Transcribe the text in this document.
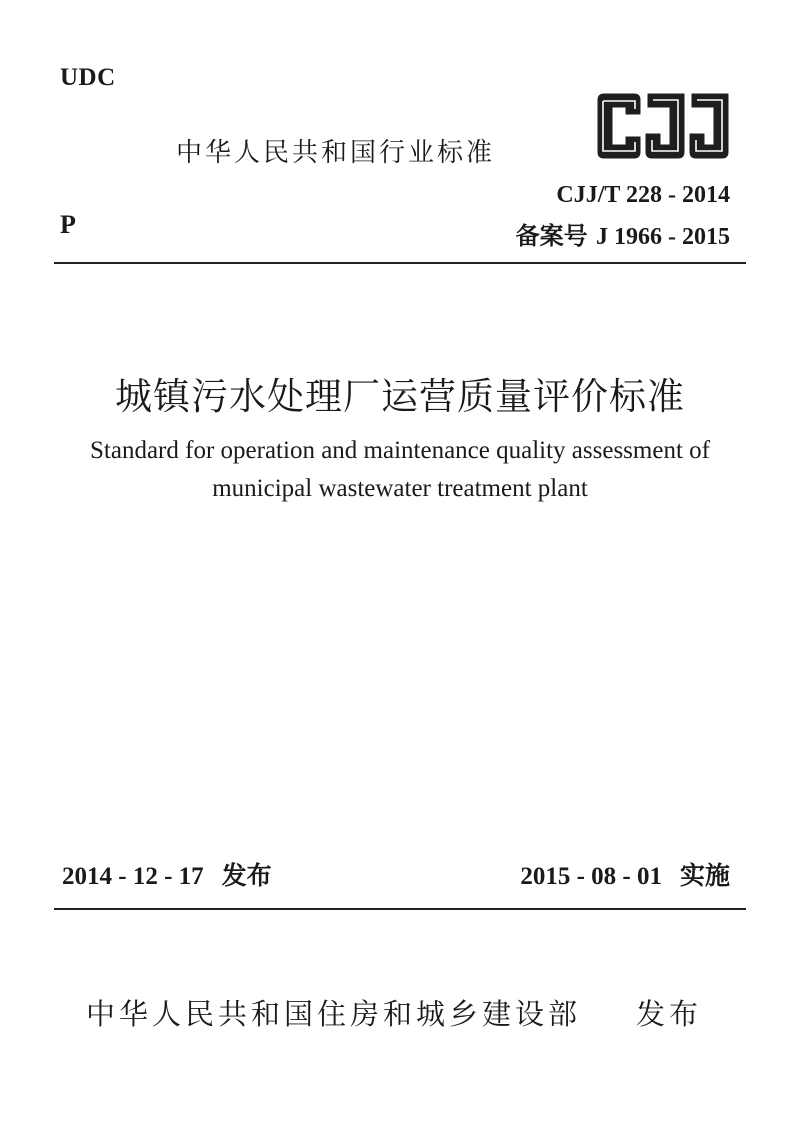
UDC
中华人民共和国行业标准
CJJ/T 228 - 2014
备案号 J 1966 - 2015
P
城镇污水处理厂运营质量评价标准
Standard for operation and maintenance quality assessment of
municipal wastewater treatment plant
2014 - 12 - 17 发布	2015 - 08 - 01 实施
中华人民共和国住房和城乡建设部 发布
